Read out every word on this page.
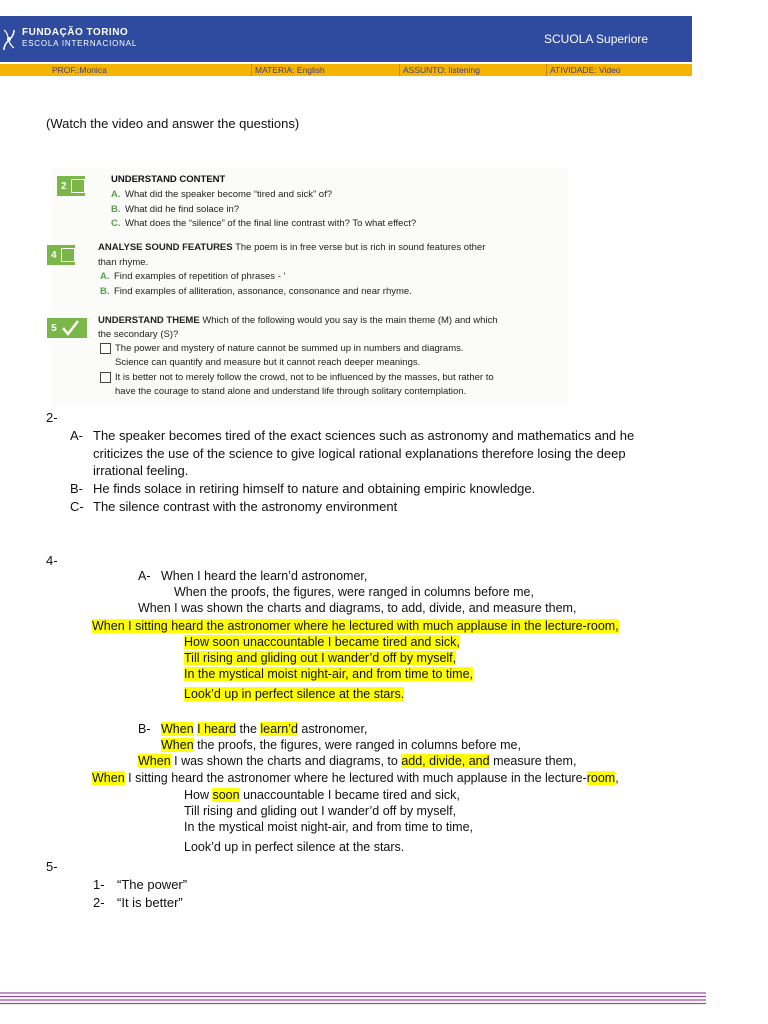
FUNDAÇÃO TORINO
ESCOLA INTERNACIONAL	SCUOLA Superiore
PROF.:Monica	MATERIA: English	ASSUNTO: listening	ATIVIDADE: Video
(Watch the video and answer the questions)
2
UNDERSTAND CONTENT
A. What did the speaker become “tired and sick” of?
B. What did he find solace in?
C. What does the “silence” of the final line contrast with? To what effect?
4
ANALYSE SOUND FEATURES The poem is in free verse but is rich in sound features other
than rhyme.
A. Find examples of repetition of phrases - '
B. Find examples of alliteration, assonance, consonance and near rhyme.
5
UNDERSTAND THEME Which of the following would you say is the main theme (M) and which
the secondary (S)?
The power and mystery of nature cannot be summed up in numbers and diagrams.
Science can quantify and measure but it cannot reach deeper meanings.
It is better not to merely follow the crowd, not to be influenced by the masses, but rather to
have the courage to stand alone and understand life through solitary contemplation.
2-
A- The speaker becomes tired of the exact sciences such as astronomy and mathematics and he
criticizes the use of the science to give logical rational explanations therefore losing the deep
irrational feeling.
B- He finds solace in retiring himself to nature and obtaining empiric knowledge.
C- The silence contrast with the astronomy environment
4-
A- When I heard the learn’d astronomer,
When the proofs, the figures, were ranged in columns before me,
When I was shown the charts and diagrams, to add, divide, and measure them,
When I sitting heard the astronomer where he lectured with much applause in the lecture-room,
How soon unaccountable I became tired and sick,
Till rising and gliding out I wander’d off by myself,
In the mystical moist night-air, and from time to time,
Look’d up in perfect silence at the stars.
B- When I heard the learn’d astronomer,
When the proofs, the figures, were ranged in columns before me,
When I was shown the charts and diagrams, to add, divide, and measure them,
When I sitting heard the astronomer where he lectured with much applause in the lecture-room,
How soon unaccountable I became tired and sick,
Till rising and gliding out I wander’d off by myself,
In the mystical moist night-air, and from time to time,
Look’d up in perfect silence at the stars.
5-
1- “The power”
2- “It is better”
